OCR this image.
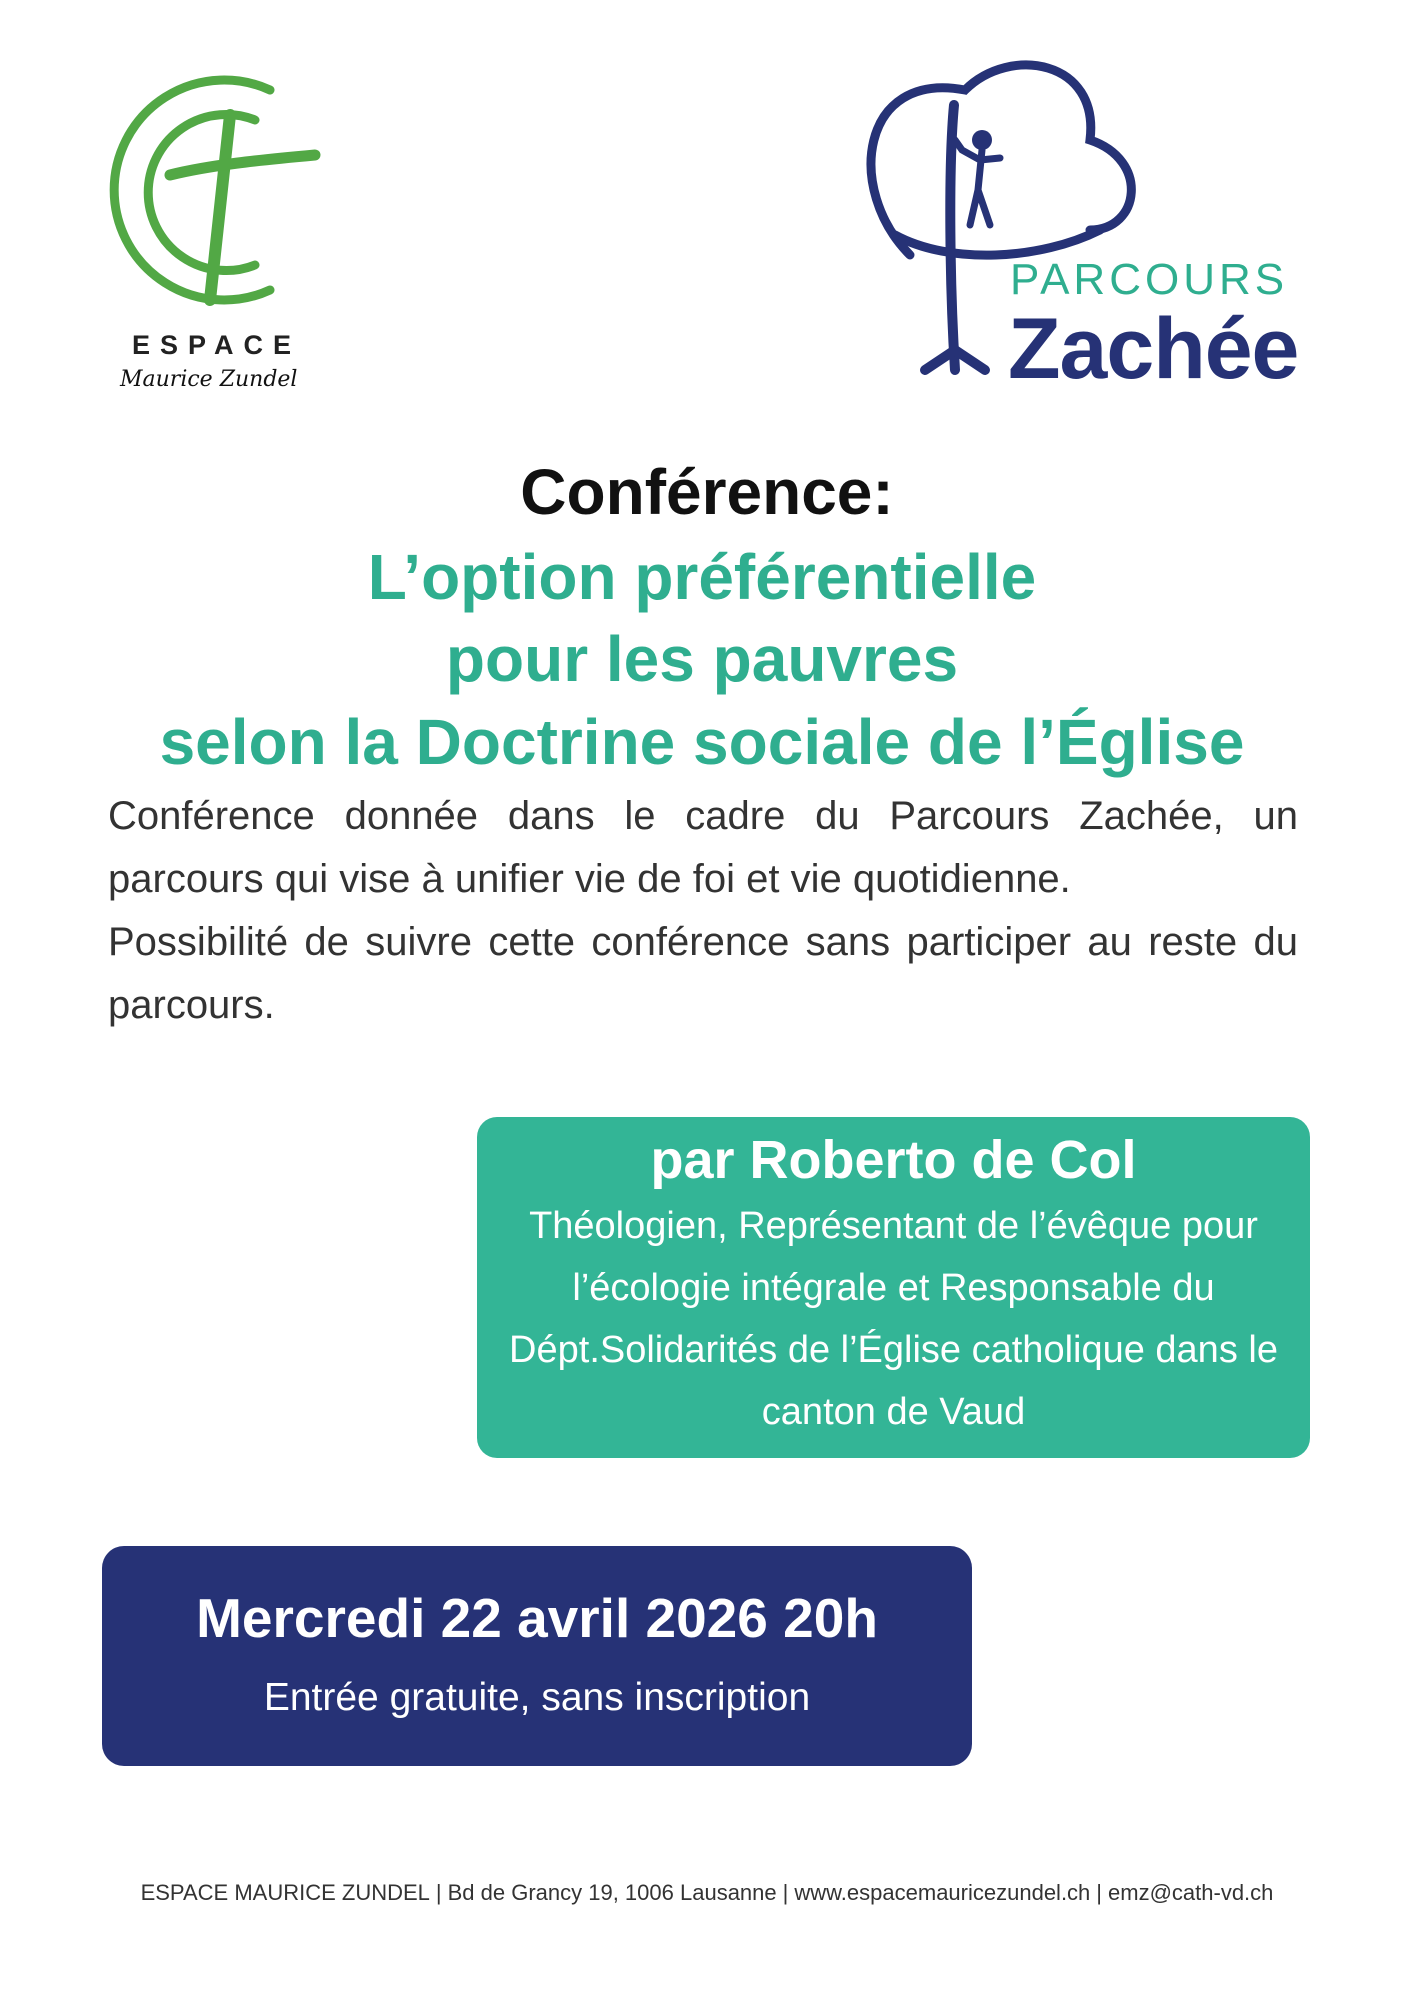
ESPACE
Maurice Zundel
PARCOURS
Zachée
Conférence:
L’option préférentielle
pour les pauvres
selon la Doctrine sociale de l’Église

Conférence donnée dans le cadre du Parcours Zachée, un parcours qui vise à unifier vie de foi et vie quotidienne.

Possibilité de suivre cette conférence sans participer au reste du parcours.

par Roberto de Col
Théologien, Représentant de l’évêque pour l’écologie intégrale et Responsable du Dépt.Solidarités de l’Église catholique dans le canton de Vaud
Mercredi 22 avril 2026 20h
Entrée gratuite, sans inscription
ESPACE MAURICE ZUNDEL | Bd de Grancy 19, 1006 Lausanne | www.espacemauricezundel.ch | emz@cath-vd.ch
